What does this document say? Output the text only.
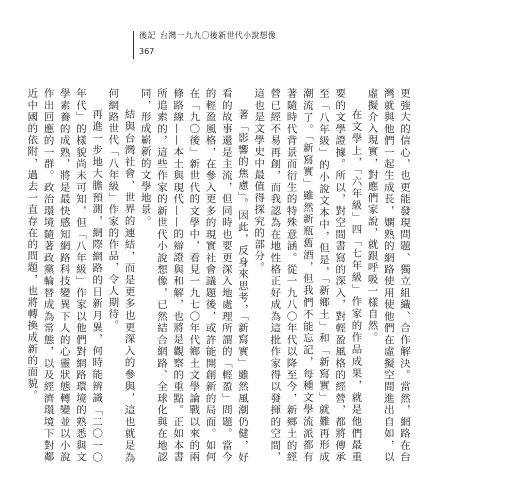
後記 台灣一九九〇後新世代小說想像
367

更強大的信心，也更能發現問題、獨立組織、合作解決。當然，網路在台灣就與他們一起生成長，嫻熟的網路使用使他們在虛擬空間進出自如，以虛擬介入現實，對應們家說，就跟呼吸一樣自然。

在文學上，「六年級」四「七年級」作家的作品成果，就是他們最重要的文學證據。所以，對空間書寫的深入，對輕盈風格的經營，都將傳承至「八年級」的小說文本中，但是，「新鄉土」和「新寫實」就難再形成潮流了。「新寫實」雖然新瓶舊酒，但我們不能忘記，每種文學流派都有著隨時代背景而衍生的特殊意涵。從一九八〇年代以降至今，新鄉土的經營已經不易再創，而我認為在地性格正好成為這批作家得以發揮的空間，這也是文學史中最值得探究的部分。

著「影響的焦慮」。因此，反身來思考，「新寫實」雖然風潮仍健，好看的故事還是主流，但同時也要更深入地處理所謂的「輕盈」問題。當今的輕盈風格，在參入更多的現實社會議題後，或許能開創新的局面。如何在「九〇後」新世代的文學中，看見一九七〇年代鄉土文學論戰以來的兩條路線——本土與現代——的辯證與和解，也將是觀察的重點。正如本書所追索的，這些作家的新世代小說想像，已然結合網路、全球化與在地認同，形成嶄新的文學地景。

結與台灣社會、世界的連結，而是更多也更深入的參與，這也就是為何網路世代「八年級」作家的作品，令人期待。

再進一步地大膽預測，網際網路的日新月異，何時能辨識「二〇一〇年代」的樣貌尚未可知，但「八年級」作家以他們對網路環境的熟悉與文學素養的成熟，將是最快感知網路科技變異下人的心靈狀態轉變並以小說作出回應的一群。政治環境隨著政黨輪替成為常態，以及經濟環境下對鄰近中國的依附，過去一直存在的問題，也將轉換成新的面貌。
